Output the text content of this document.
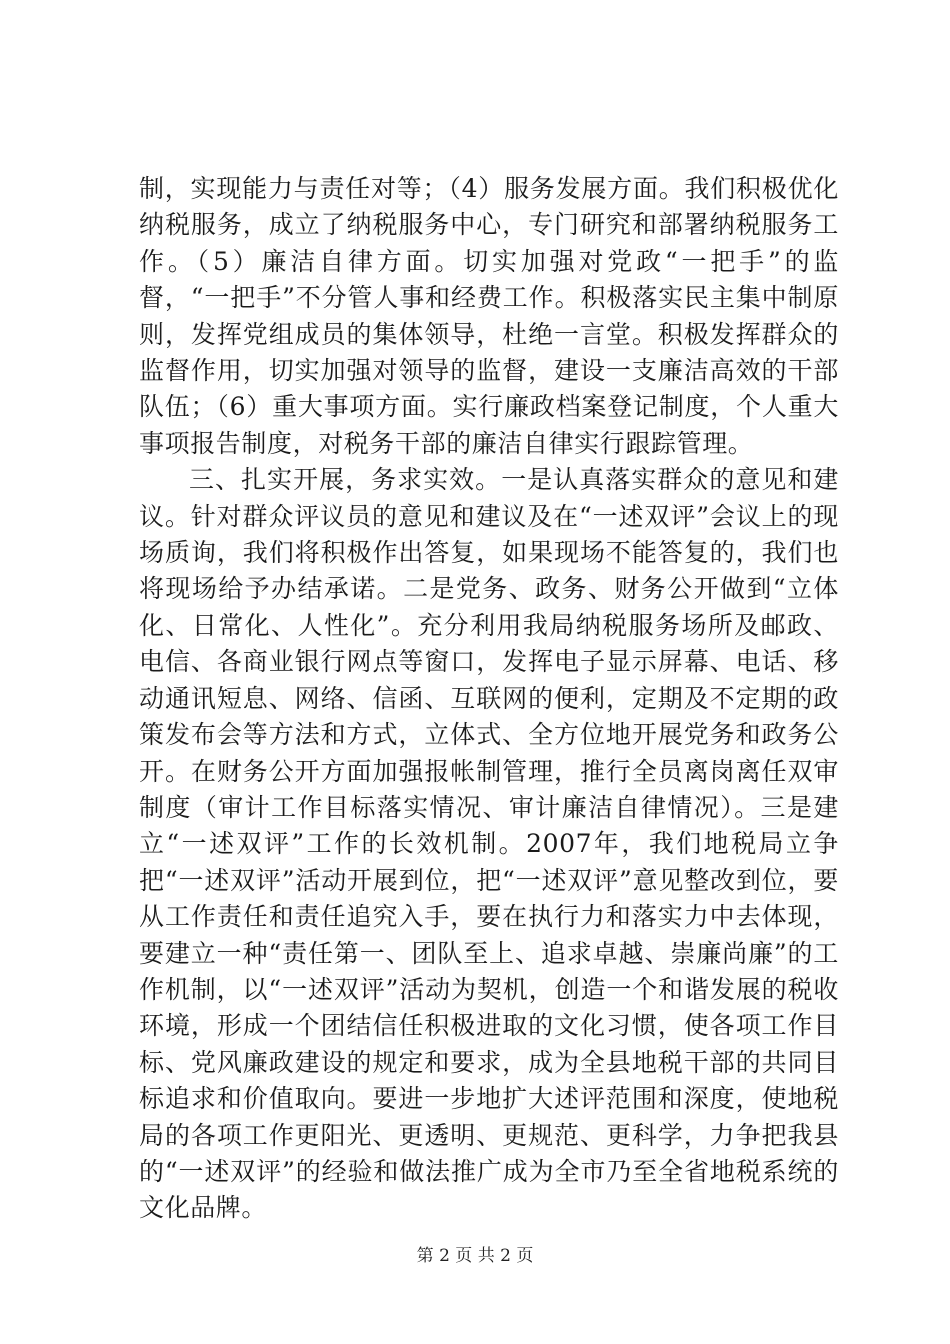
制，实现能力与责任对等；（4）服务发展方面。我们积极优化纳税服务，成立了纳税服务中心，专门研究和部署纳税服务工作。（5）廉洁自律方面。切实加强对党政“一把手”的监督，“一把手”不分管人事和经费工作。积极落实民主集中制原则，发挥党组成员的集体领导，杜绝一言堂。积极发挥群众的监督作用，切实加强对领导的监督，建设一支廉洁高效的干部队伍；（6）重大事项方面。实行廉政档案登记制度，个人重大事项报告制度，对税务干部的廉洁自律实行跟踪管理。

三、扎实开展，务求实效。一是认真落实群众的意见和建议。针对群众评议员的意见和建议及在“一述双评”会议上的现场质询，我们将积极作出答复，如果现场不能答复的，我们也将现场给予办结承诺。二是党务、政务、财务公开做到“立体化、日常化、人性化”。充分利用我局纳税服务场所及邮政、电信、各商业银行网点等窗口，发挥电子显示屏幕、电话、移动通讯短息、网络、信函、互联网的便利，定期及不定期的政策发布会等方法和方式，立体式、全方位地开展党务和政务公开。在财务公开方面加强报帐制管理，推行全员离岗离任双审制度（审计工作目标落实情况、审计廉洁自律情况）。三是建立“一述双评”工作的长效机制。2007年，我们地税局立争把“一述双评”活动开展到位，把“一述双评”意见整改到位，要从工作责任和责任追究入手，要在执行力和落实力中去体现，要建立一种“责任第一、团队至上、追求卓越、崇廉尚廉”的工作机制，以“一述双评”活动为契机，创造一个和谐发展的税收环境，形成一个团结信任积极进取的文化习惯，使各项工作目标、党风廉政建设的规定和要求，成为全县地税干部的共同目标追求和价值取向。要进一步地扩大述评范围和深度，使地税局的各项工作更阳光、更透明、更规范、更科学，力争把我县的“一述双评”的经验和做法推广成为全市乃至全省地税系统的文化品牌。

第 2 页 共 2 页
